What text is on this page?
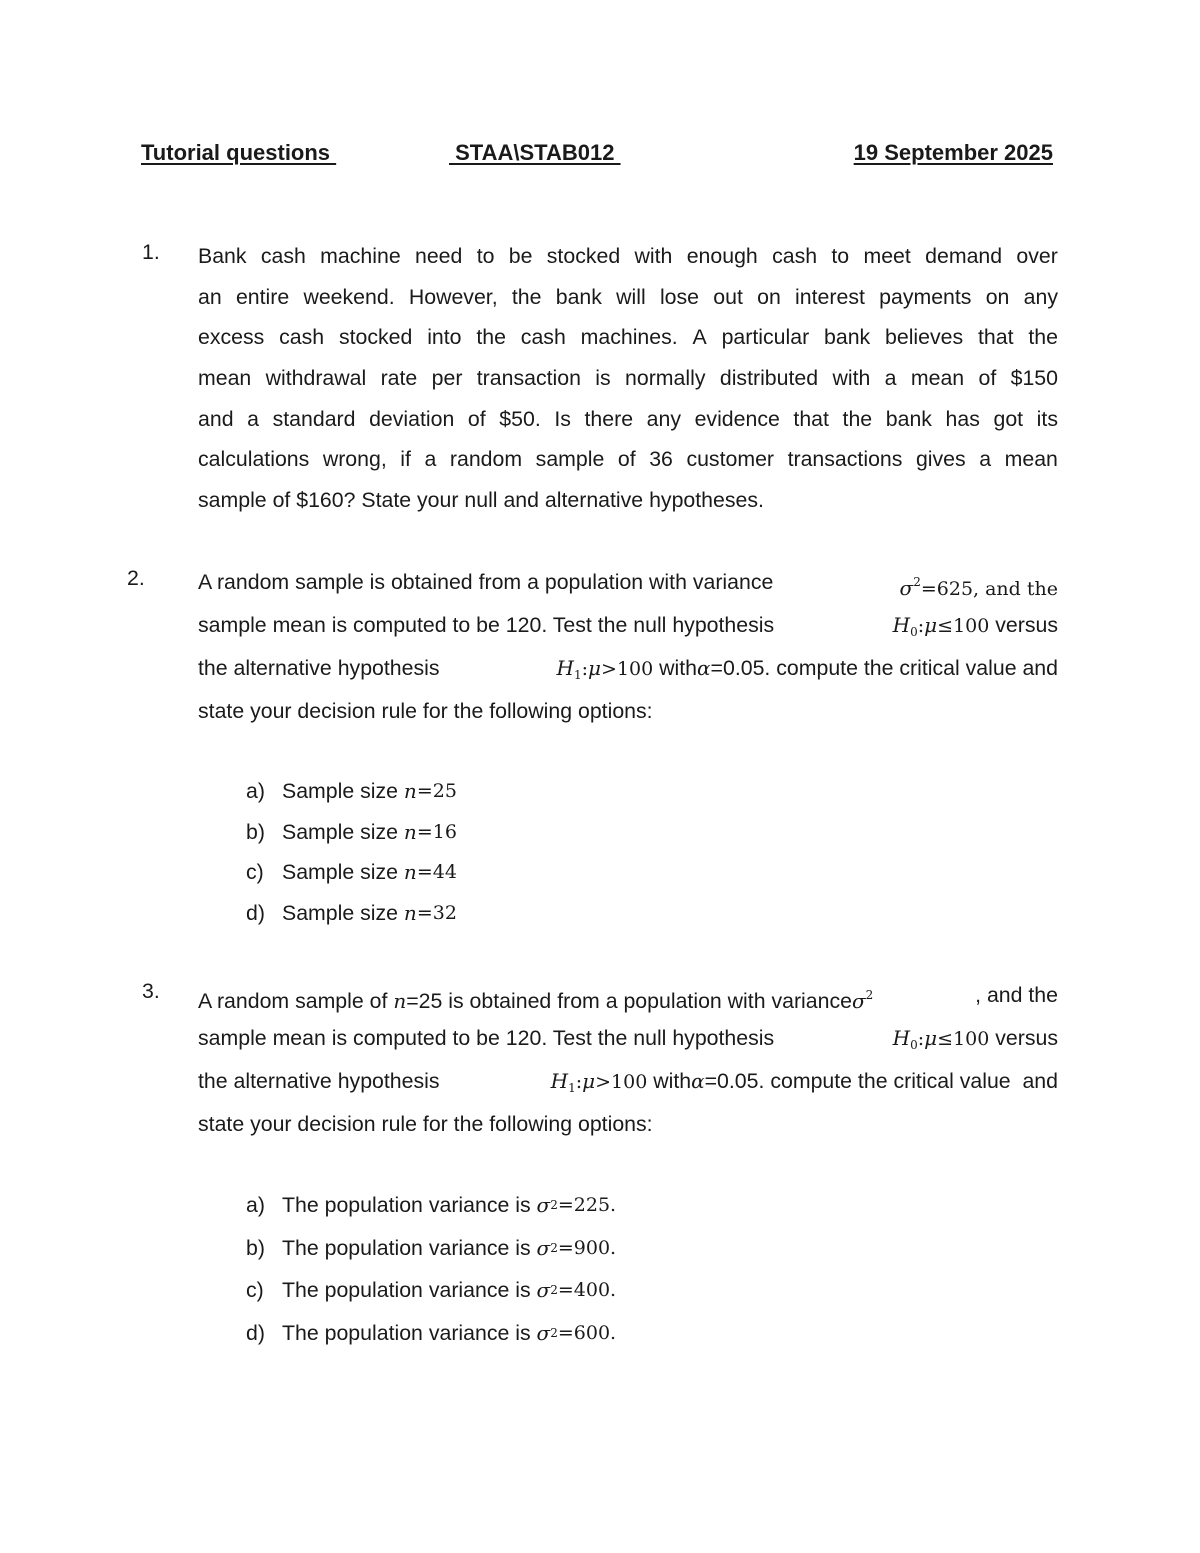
Tutorial questions	STAA\STAB012	19 September 2025
1. Bank cash machine need to be stocked with enough cash to meet demand over
an entire weekend. However, the bank will lose out on interest payments on any
excess cash stocked into the cash machines. A particular bank believes that the
mean withdrawal rate per transaction is normally distributed with a mean of $150
and a standard deviation of $50. Is there any evidence that the bank has got its
calculations wrong, if a random sample of 36 customer transactions gives a mean
sample of $160? State your null and alternative hypotheses.
2. A random sample is obtained from a population with variance	$\sigma^2=625$, and the
sample mean is computed to be 120. Test the null hypothesis	$H_0:\mu\le 100$ versus
the alternative hypothesis	$H_1:\mu>100$ withα=0.05. compute the critical value and
state your decision rule for the following options:
a) Sample size n =25
b) Sample size n =16
c) Sample size n =44
d) Sample size n =32
3. A random sample of n=25 is obtained from a population with varianceσ$^2$	, and the
sample mean is computed to be 120. Test the null hypothesis	$H_0:\mu\le 100$ versus
the alternative hypothesis	$H_1:\mu>100$ withα=0.05. compute the critical value  and
state your decision rule for the following options:
a) The population variance is σ 2 =225.
b) The population variance is σ 2 =900.
c) The population variance is σ 2 =400.
d) The population variance is σ 2 =600.
